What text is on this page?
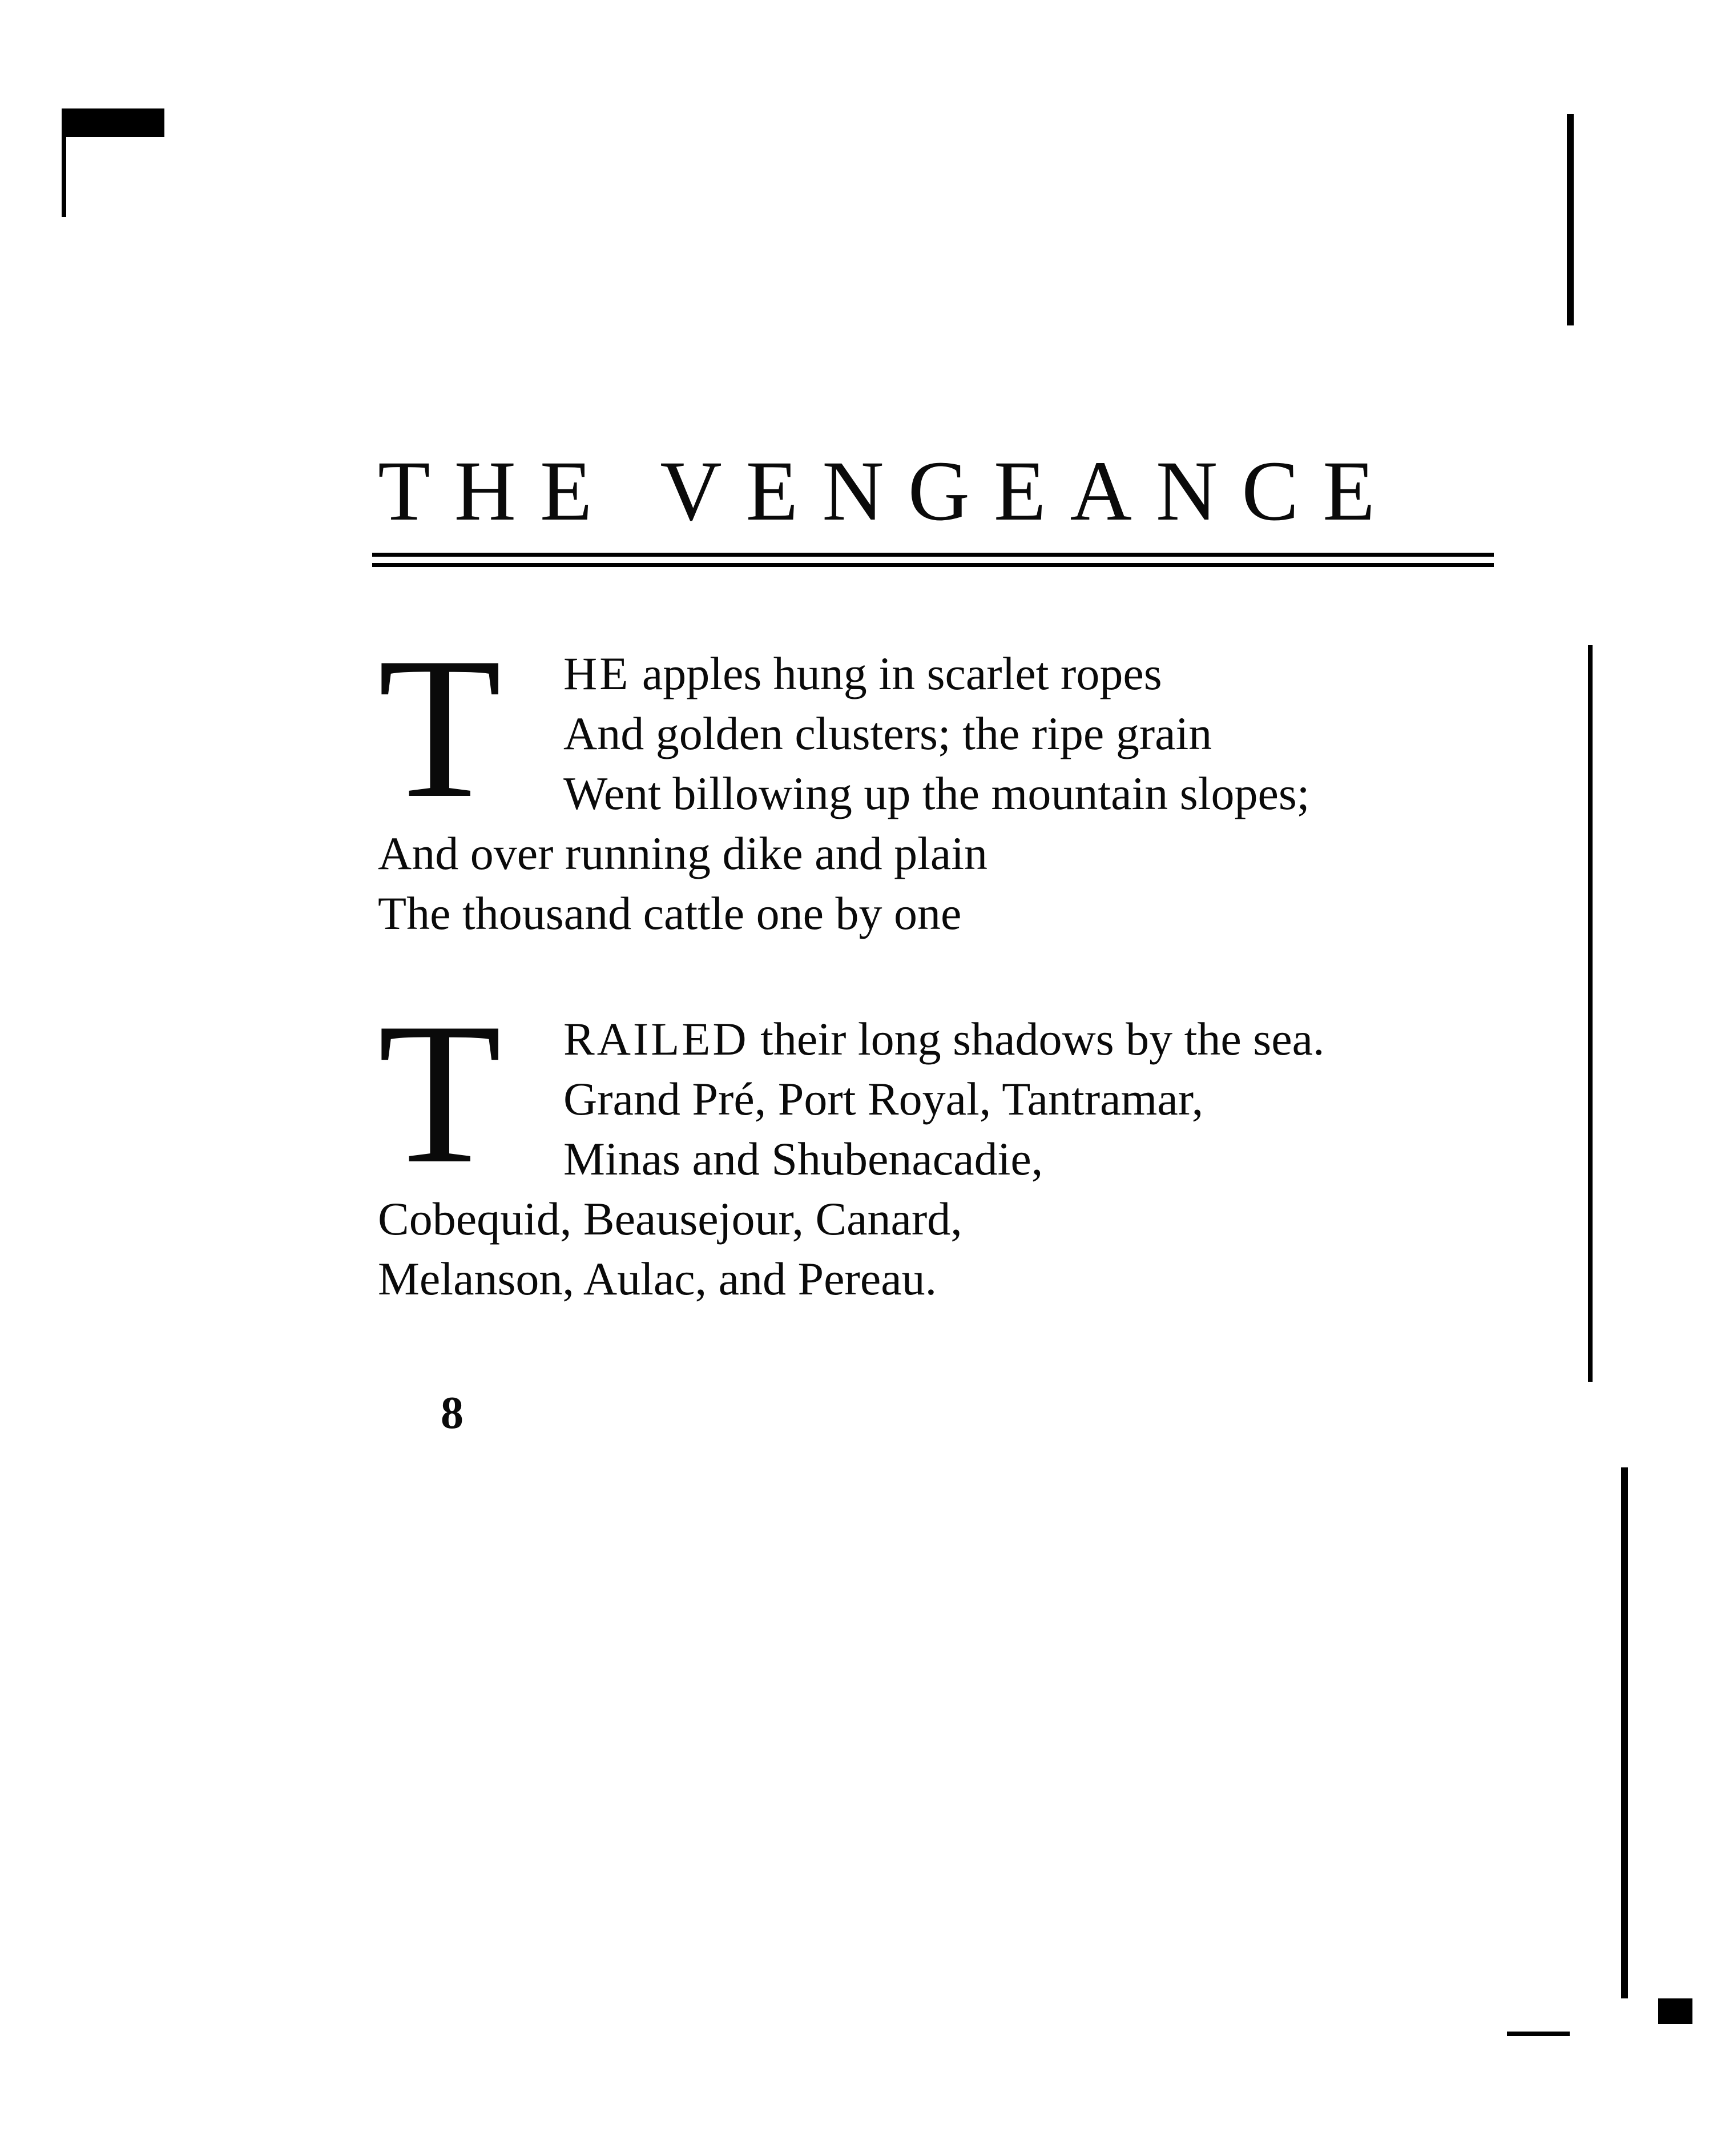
THE VENGEANCE
T HE apples hung in scarlet ropes
And golden clusters; the ripe grain
Went billowing up the mountain slopes;
And over running dike and plain
The thousand cattle one by one
T RAILED their long shadows by the sea.
Grand Pré, Port Royal, Tantramar,
Minas and Shubenacadie,
Cobequid, Beausejour, Canard,
Melanson, Aulac, and Pereau.
8
